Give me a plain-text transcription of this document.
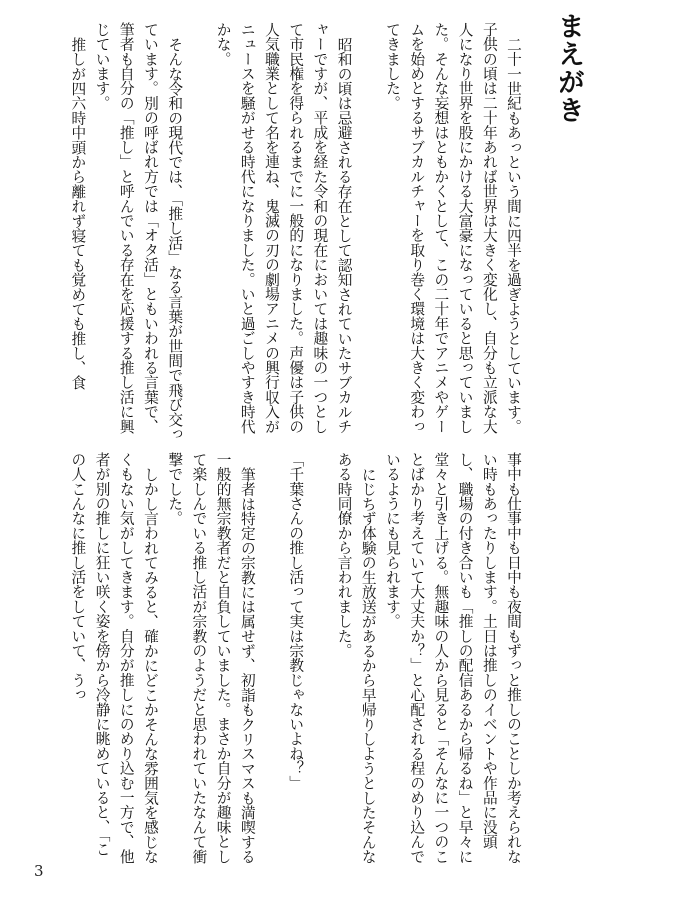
まえがき

二十一世紀もあっという間に四半を過ぎようとしています。子供の頃は二十年あれば世界は大きく変化し、自分も立派な大人になり世界を股にかける大富豪になっていると思っていました。そんな妄想はともかくとして、この二十年でアニメやゲームを始めとするサブカルチャーを取り巻く環境は大きく変わってきました。

昭和の頃は忌避される存在として認知されていたサブカルチャーですが、平成を経た令和の現在においては趣味の一つとして市民権を得られるまでに一般的になりました。声優は子供の人気職業として名を連ね、鬼滅の刃の劇場アニメの興行収入がニュースを騒がせる時代になりました。いと過ごしやすき時代かな。

そんな令和の現代では、「推し活」なる言葉が世間で飛び交っています。別の呼ばれ方では「オタ活」ともいわれる言葉で、筆者も自分の「推し」と呼んでいる存在を応援する推し活に興じています。

推しが四六時中頭から離れず寝ても覚めても推し、食

事中も仕事中も日中も夜間もずっと推しのことしか考えられない時もあったりします。土日は推しのイベントや作品に没頭し、職場の付き合いも「推しの配信あるから帰るね」と早々に堂々と引き上げる。無趣味の人から見ると「そんなに一つのことばかり考えていて大丈夫か？」と心配される程のめり込んでいるようにも見られます。

にじちず体験の生放送があるから早帰りしようとしたそんなある時同僚から言われました。

「千葉さんの推し活って実は宗教じゃないよね？」

筆者は特定の宗教には属せず、初詣もクリスマスも満喫する一般的無宗教者だと自負していました。まさか自分が趣味として楽しんでいる推し活が宗教のようだと思われていたなんて衝撃でした。

しかし言われてみると、確かにどこかそんな雰囲気を感じなくもない気がしてきます。自分が推しにのめり込む一方で、他者が別の推しに狂い咲く姿を傍から冷静に眺めていると、「この人こんなに推し活をしていて、うっ

3
